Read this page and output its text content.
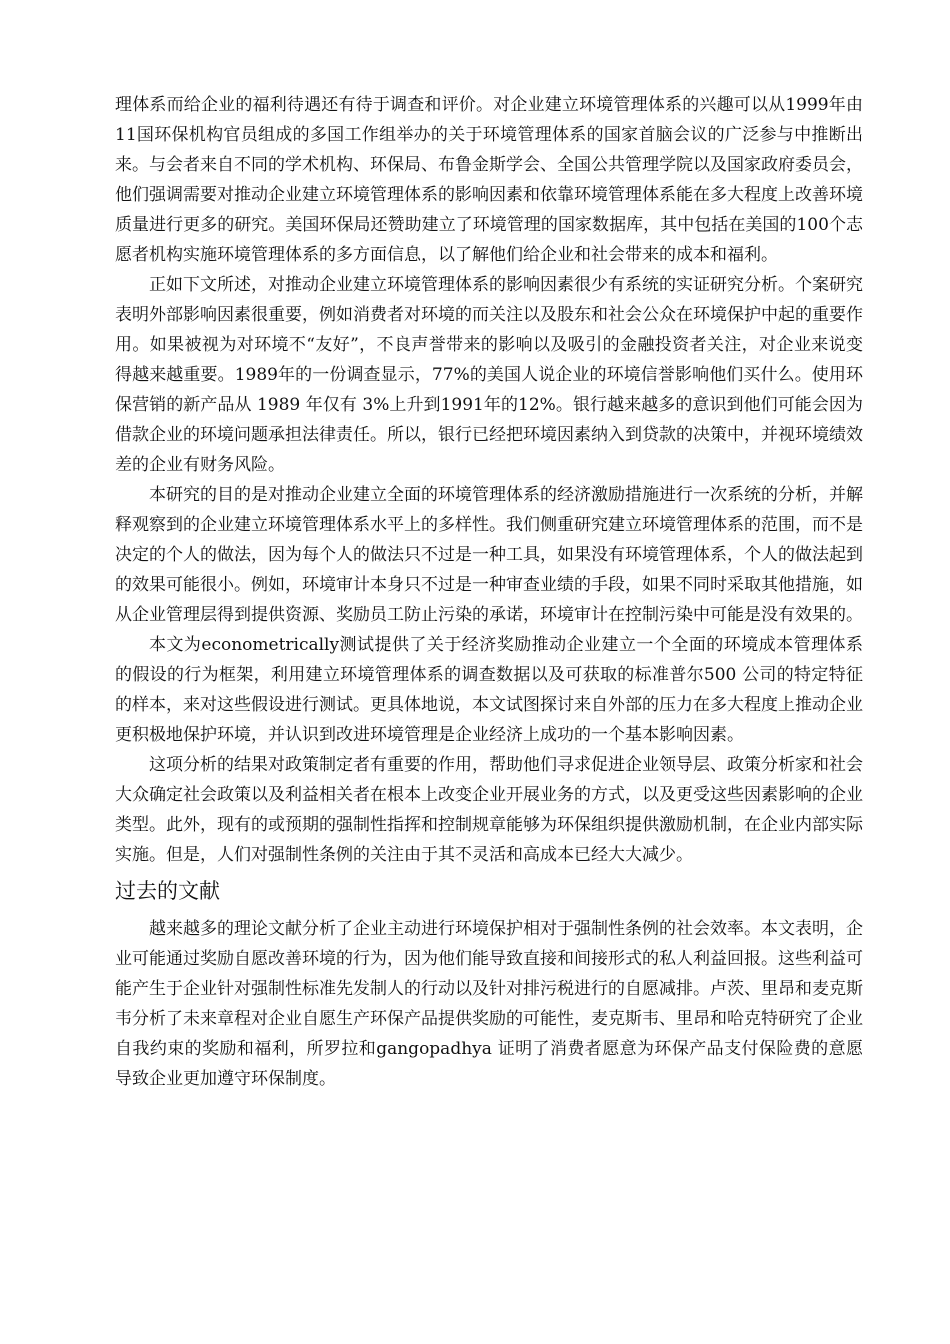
理体系而给企业的福利待遇还有待于调查和评价。对企业建立环境管理体系的兴趣可以从1999年由11国环保机构官员组成的多国工作组举办的关于环境管理体系的国家首脑会议的广泛参与中推断出来。与会者来自不同的学术机构、环保局、布鲁金斯学会、全国公共管理学院以及国家政府委员会，他们强调需要对推动企业建立环境管理体系的影响因素和依靠环境管理体系能在多大程度上改善环境质量进行更多的研究。美国环保局还赞助建立了环境管理的国家数据库，其中包括在美国的100个志愿者机构实施环境管理体系的多方面信息，以了解他们给企业和社会带来的成本和福利。

正如下文所述，对推动企业建立环境管理体系的影响因素很少有系统的实证研究分析。个案研究表明外部影响因素很重要，例如消费者对环境的而关注以及股东和社会公众在环境保护中起的重要作用。如果被视为对环境不“友好”，不良声誉带来的影响以及吸引的金融投资者关注，对企业来说变得越来越重要。1989年的一份调查显示，77%的美国人说企业的环境信誉影响他们买什么。使用环保营销的新产品从 1989 年仅有 3%上升到1991年的12%。银行越来越多的意识到他们可能会因为借款企业的环境问题承担法律责任。所以，银行已经把环境因素纳入到贷款的决策中，并视环境绩效差的企业有财务风险。

本研究的目的是对推动企业建立全面的环境管理体系的经济激励措施进行一次系统的分析，并解释观察到的企业建立环境管理体系水平上的多样性。我们侧重研究建立环境管理体系的范围，而不是决定的个人的做法，因为每个人的做法只不过是一种工具，如果没有环境管理体系，个人的做法起到的效果可能很小。例如，环境审计本身只不过是一种审查业绩的手段，如果不同时采取其他措施，如从企业管理层得到提供资源、奖励员工防止污染的承诺，环境审计在控制污染中可能是没有效果的。

本文为econometrically测试提供了关于经济奖励推动企业建立一个全面的环境成本管理体系的假设的行为框架，利用建立环境管理体系的调查数据以及可获取的标准普尔500 公司的特定特征的样本，来对这些假设进行测试。更具体地说，本文试图探讨来自外部的压力在多大程度上推动企业更积极地保护环境，并认识到改进环境管理是企业经济上成功的一个基本影响因素。

这项分析的结果对政策制定者有重要的作用，帮助他们寻求促进企业领导层、政策分析家和社会大众确定社会政策以及利益相关者在根本上改变企业开展业务的方式，以及更受这些因素影响的企业类型。此外，现有的或预期的强制性指挥和控制规章能够为环保组织提供激励机制，在企业内部实际实施。但是，人们对强制性条例的关注由于其不灵活和高成本已经大大减少。

过去的文献

越来越多的理论文献分析了企业主动进行环境保护相对于强制性条例的社会效率。本文表明，企业可能通过奖励自愿改善环境的行为，因为他们能导致直接和间接形式的私人利益回报。这些利益可能产生于企业针对强制性标准先发制人的行动以及针对排污税进行的自愿减排。卢茨、里昂和麦克斯韦分析了未来章程对企业自愿生产环保产品提供奖励的可能性，麦克斯韦、里昂和哈克特研究了企业自我约束的奖励和福利，所罗拉和gangopadhya 证明了消费者愿意为环保产品支付保险费的意愿导致企业更加遵守环保制度。
